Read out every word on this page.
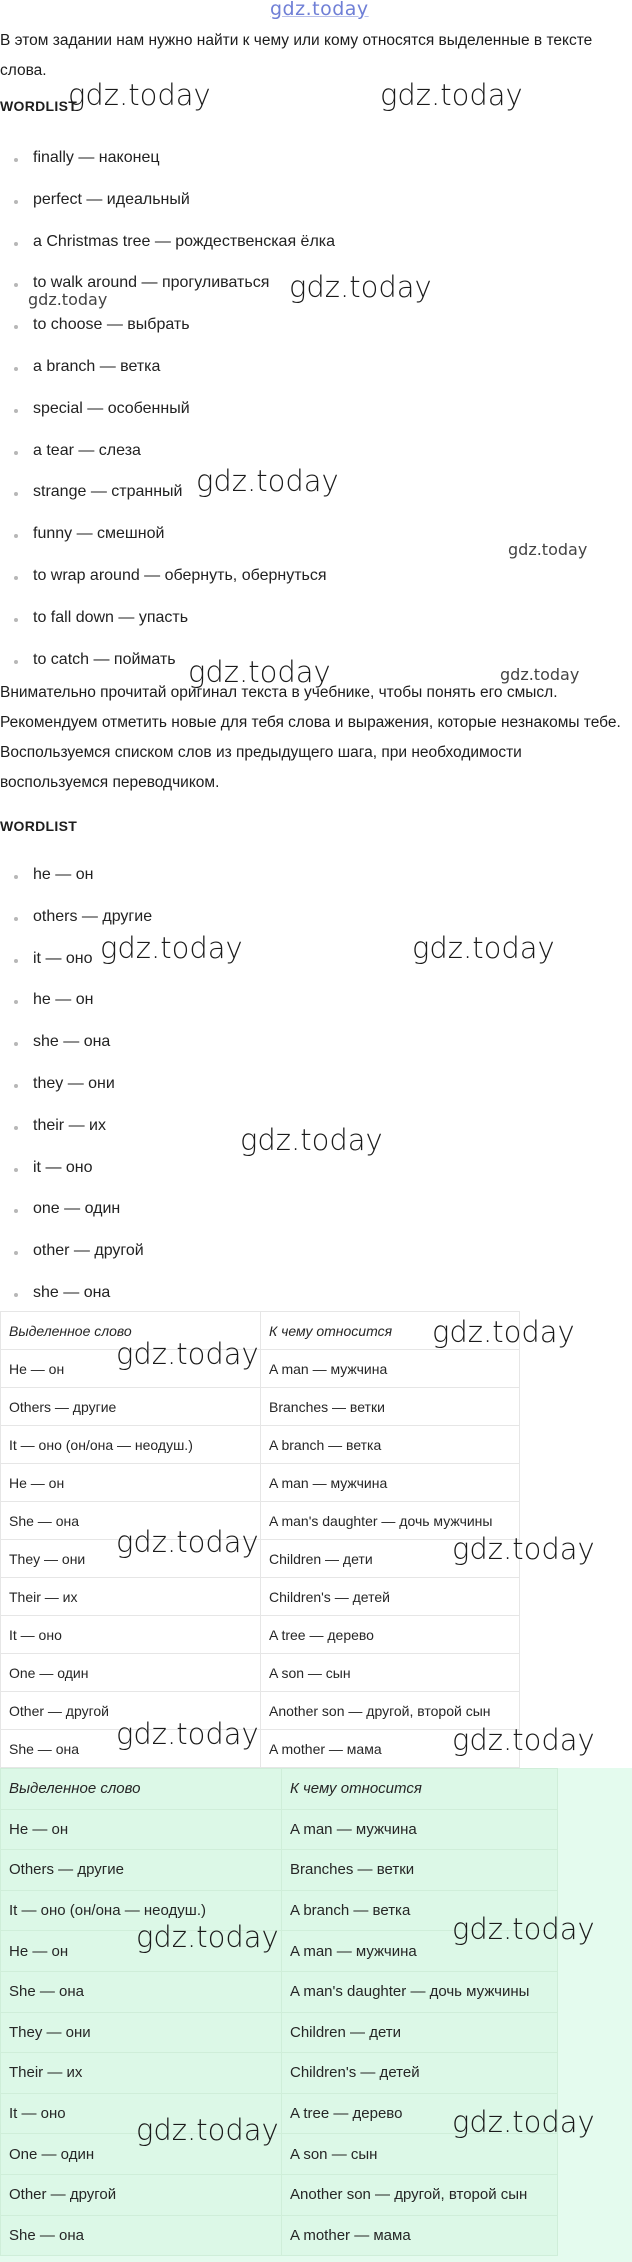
gdz.today
В этом задании нам нужно найти к чему или кому относятся выделенные в тексте слова.
WORDLIST
finally — наконец
perfect — идеальный
a Christmas tree — рождественская ёлка
to walk around — прогуливаться
to choose — выбрать
a branch — ветка
special — особенный
a tear — слеза
strange — странный
funny — смешной
to wrap around — обернуть, обернуться
to fall down — упасть
to catch — поймать
Внимательно прочитай оригинал текста в учебнике, чтобы понять его смысл. Рекомендуем отметить новые для тебя слова и выражения, которые незнакомы тебе. Воспользуемся списком слов из предыдущего шага, при необходимости воспользуемся переводчиком.
WORDLIST
he — он
others — другие
it — оно
he — он
she — она
they — они
their — их
it — оно
one — один
other — другой
she — она
Выделенное слово	К чему относится
He — он	A man — мужчина
Others — другие	Branches — ветки
It — оно (он/она — неодуш.)	A branch — ветка
He — он	A man — мужчина
She — она	A man's daughter — дочь мужчины
They — они	Children — дети
Their — их	Children's — детей
It — оно	A tree — дерево
One — один	A son — сын
Other — другой	Another son — другой, второй сын
She — она	A mother — мама
Выделенное слово	К чему относится
He — он	A man — мужчина
Others — другие	Branches — ветки
It — оно (он/она — неодуш.)	A branch — ветка
He — он	A man — мужчина
She — она	A man's daughter — дочь мужчины
They — они	Children — дети
Their — их	Children's — детей
It — оно	A tree — дерево
One — один	A son — сын
Other — другой	Another son — другой, второй сын
She — она	A mother — мама
gdz.today	gdz.today
gdz.today
gdz.today
gdz.today
gdz.today
gdz.today	gdz.today
gdz.today	gdz.today
gdz.today
gdz.today
gdz.today
gdz.today	gdz.today
gdz.today	gdz.today
gdz.today	gdz.today
gdz.today	gdz.today
